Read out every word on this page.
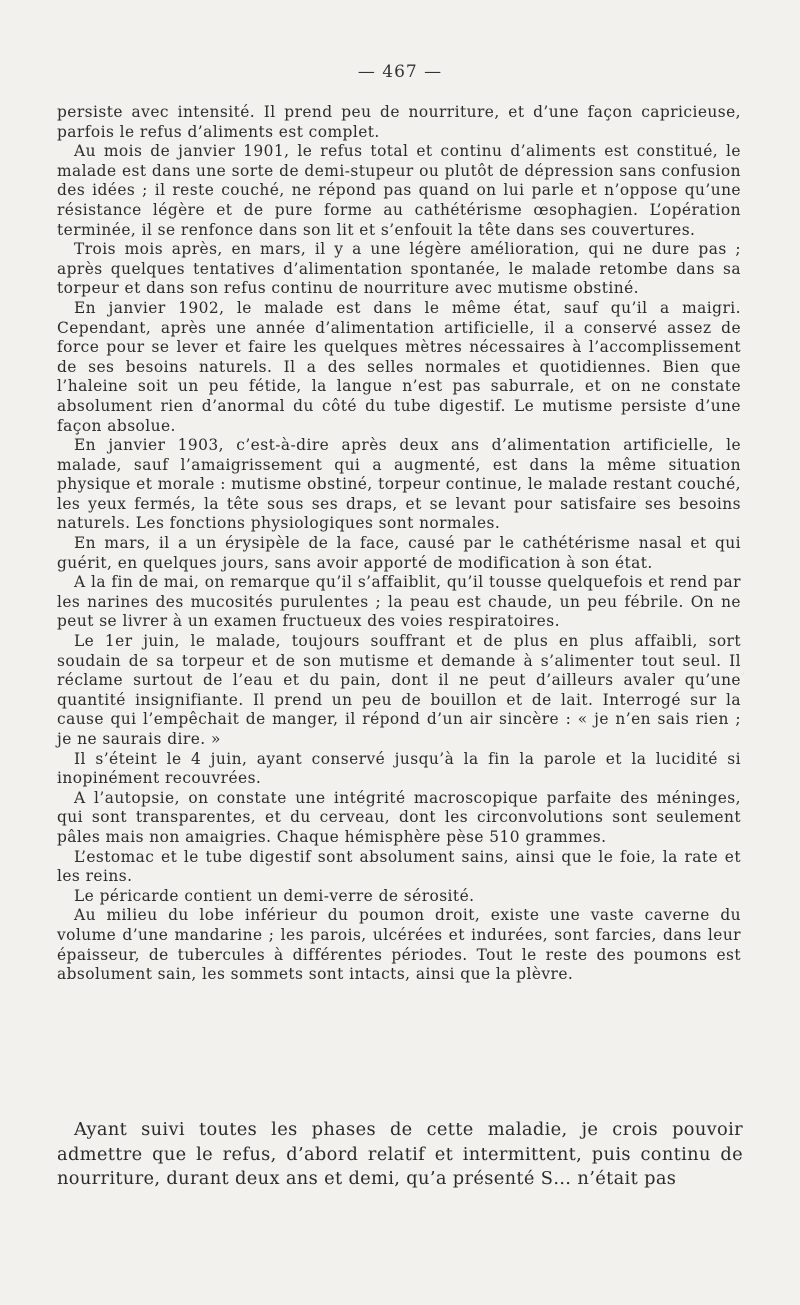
— 467 —

persiste avec intensité. Il prend peu de nourriture, et d’une façon capricieuse, parfois le refus d’aliments est complet.

Au mois de janvier 1901, le refus total et continu d’aliments est constitué, le malade est dans une sorte de demi-stupeur ou plutôt de dépression sans confusion des idées ; il reste couché, ne répond pas quand on lui parle et n’oppose qu’une résistance légère et de pure forme au cathétérisme œsophagien. L’opération terminée, il se renfonce dans son lit et s’enfouit la tête dans ses couvertures.

Trois mois après, en mars, il y a une légère amélioration, qui ne dure pas ; après quelques tentatives d’alimentation spontanée, le malade retombe dans sa torpeur et dans son refus continu de nourriture avec mutisme obstiné.

En janvier 1902, le malade est dans le même état, sauf qu’il a maigri. Cependant, après une année d’alimentation artificielle, il a conservé assez de force pour se lever et faire les quelques mètres nécessaires à l’accomplissement de ses besoins naturels. Il a des selles normales et quotidiennes. Bien que l’haleine soit un peu fétide, la langue n’est pas saburrale, et on ne constate absolument rien d’anormal du côté du tube digestif. Le mutisme persiste d’une façon absolue.

En janvier 1903, c’est-à-dire après deux ans d’alimentation artificielle, le malade, sauf l’amaigrissement qui a augmenté, est dans la même situation physique et morale : mutisme obstiné, torpeur continue, le malade restant couché, les yeux fermés, la tête sous ses draps, et se levant pour satisfaire ses besoins naturels. Les fonctions physiologiques sont normales.

En mars, il a un érysipèle de la face, causé par le cathétérisme nasal et qui guérit, en quelques jours, sans avoir apporté de modification à son état.

A la fin de mai, on remarque qu’il s’affaiblit, qu’il tousse quelquefois et rend par les narines des mucosités purulentes ; la peau est chaude, un peu fébrile. On ne peut se livrer à un examen fructueux des voies respiratoires.

Le 1er juin, le malade, toujours souffrant et de plus en plus affaibli, sort soudain de sa torpeur et de son mutisme et demande à s’alimenter tout seul. Il réclame surtout de l’eau et du pain, dont il ne peut d’ailleurs avaler qu’une quantité insignifiante. Il prend un peu de bouillon et de lait. Interrogé sur la cause qui l’empêchait de manger, il répond d’un air sincère : « je n’en sais rien ; je ne saurais dire. »

Il s’éteint le 4 juin, ayant conservé jusqu’à la fin la parole et la lucidité si inopinément recouvrées.

A l’autopsie, on constate une intégrité macroscopique parfaite des méninges, qui sont transparentes, et du cerveau, dont les circonvolutions sont seulement pâles mais non amaigries. Chaque hémisphère pèse 510 grammes.

L’estomac et le tube digestif sont absolument sains, ainsi que le foie, la rate et les reins.

Le péricarde contient un demi-verre de sérosité.

Au milieu du lobe inférieur du poumon droit, existe une vaste caverne du volume d’une mandarine ; les parois, ulcérées et indurées, sont farcies, dans leur épaisseur, de tubercules à différentes périodes. Tout le reste des poumons est absolument sain, les sommets sont intacts, ainsi que la plèvre.

Ayant suivi toutes les phases de cette maladie, je crois pouvoir admettre que le refus, d’abord relatif et intermittent, puis continu de nourriture, durant deux ans et demi, qu’a présenté S… n’était pas
